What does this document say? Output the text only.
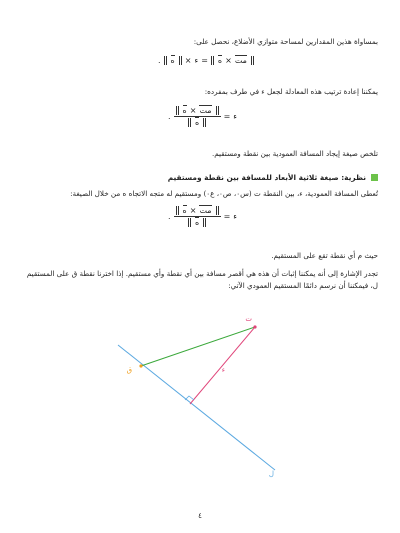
بمساواة هذين المقدارين لمساحة متوازي الأضلاع، نحصل على:
. ه × ء = ه × مت
يمكننا إعادة ترتيب هذه المعادلة لجعل ء في طرف بمفرده:
. $\frac{\text{ه × مت}}{\text{ه}}$ = ء
تلخص صيغة إيجاد المسافة العمودية بين نقطة ومستقيم.
نظرية: صيغة ثلاثية الأبعاد للمسافة بين نقطة ومستقيم
تُعطى المسافة العمودية، ء، بين النقطة ت (س٠، ص٠، ع٠) ومستقيم له متجه الاتجاه ه من خلال الصيغة:
. $\frac{\text{ه × مت}}{\text{ه}}$ = ء
حيث م أي نقطة تقع على المستقيم.
تجدر الإشارة إلى أنه يمكننا إثبات أن هذه هي أقصر مسافة بين أي نقطة وأي مستقيم. إذا اخترنا نقطة ق على المستقيم ل، فيمكننا أن نرسم دائمًا المستقيم العمودي الآتي:
ت
ق	ء
ل
٤
